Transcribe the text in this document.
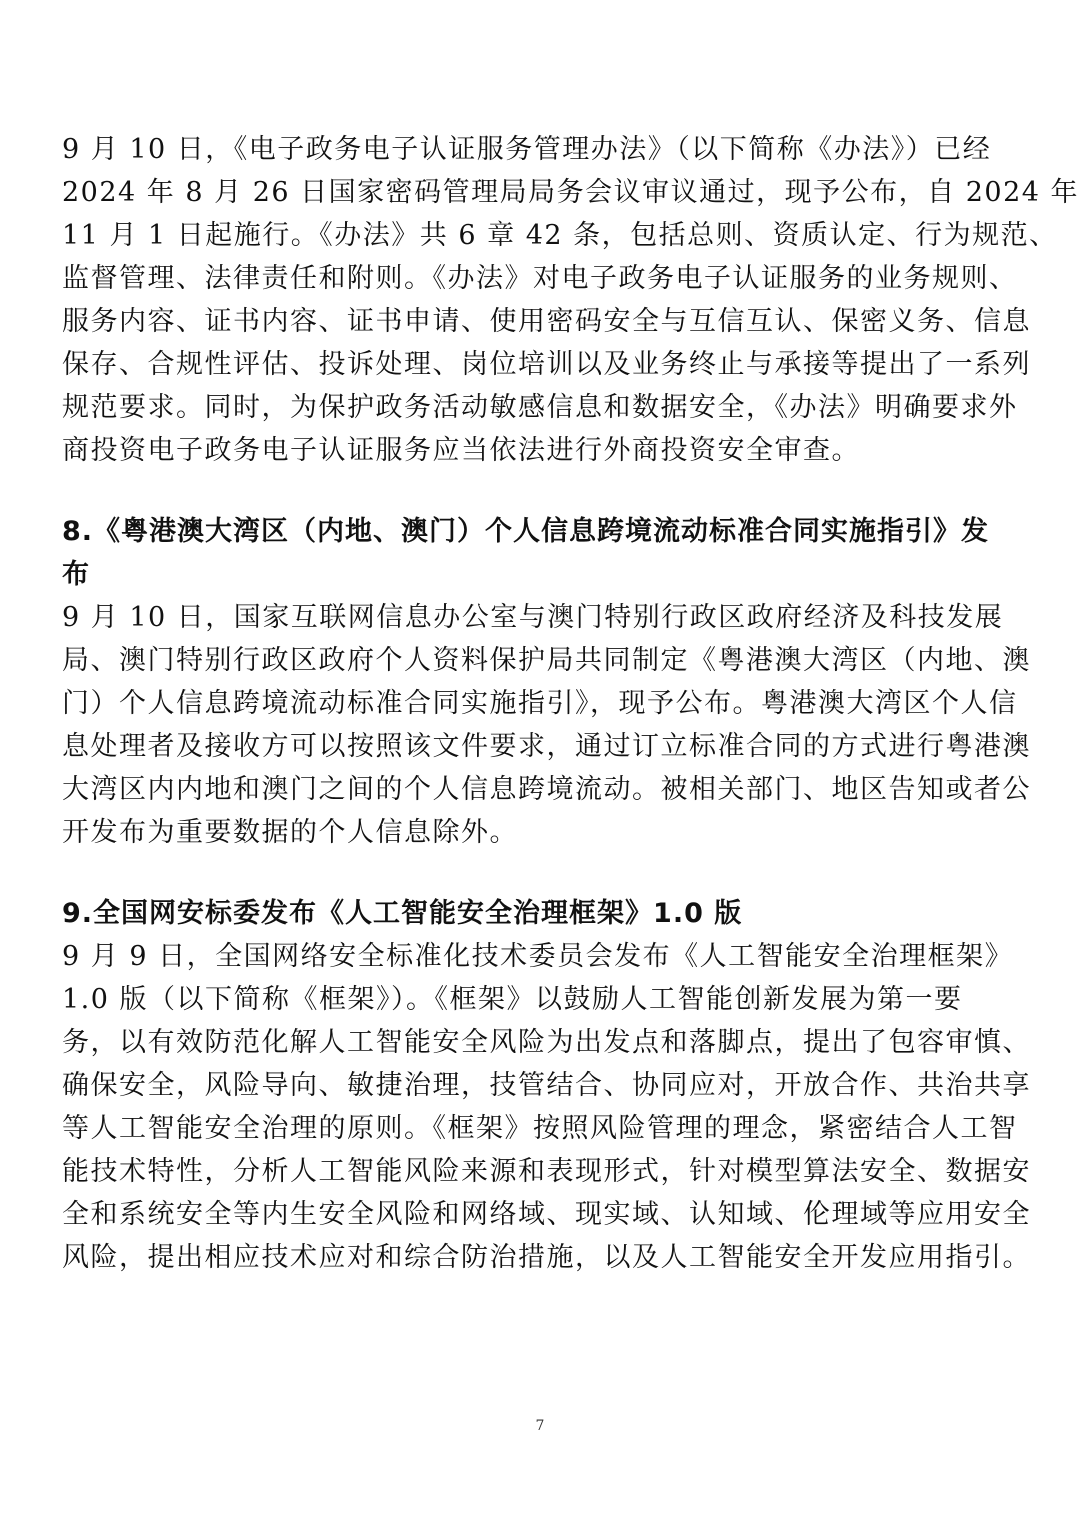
9 月 10 日，《电子政务电子认证服务管理办法》（以下简称《办法》）已经

2024 年 8 月 26 日国家密码管理局局务会议审议通过，现予公布，自 2024 年

11 月 1 日起施行。《办法》共 6 章 42 条，包括总则、资质认定、行为规范、

监督管理、法律责任和附则。《办法》对电子政务电子认证服务的业务规则、

服务内容、证书内容、证书申请、使用密码安全与互信互认、保密义务、信息

保存、合规性评估、投诉处理、岗位培训以及业务终止与承接等提出了一系列

规范要求。同时，为保护政务活动敏感信息和数据安全，《办法》明确要求外

商投资电子政务电子认证服务应当依法进行外商投资安全审查。

8.《粤港澳大湾区（内地、澳门）个人信息跨境流动标准合同实施指引》发

布

9 月 10 日，国家互联网信息办公室与澳门特别行政区政府经济及科技发展

局、澳门特别行政区政府个人资料保护局共同制定《粤港澳大湾区（内地、澳

门）个人信息跨境流动标准合同实施指引》，现予公布。粤港澳大湾区个人信

息处理者及接收方可以按照该文件要求，通过订立标准合同的方式进行粤港澳

大湾区内内地和澳门之间的个人信息跨境流动。被相关部门、地区告知或者公

开发布为重要数据的个人信息除外。

9.全国网安标委发布《人工智能安全治理框架》1.0 版

9 月 9 日，全国网络安全标准化技术委员会发布《人工智能安全治理框架》

1.0 版（以下简称《框架》）。《框架》以鼓励人工智能创新发展为第一要

务，以有效防范化解人工智能安全风险为出发点和落脚点，提出了包容审慎、

确保安全，风险导向、敏捷治理，技管结合、协同应对，开放合作、共治共享

等人工智能安全治理的原则。《框架》按照风险管理的理念，紧密结合人工智

能技术特性，分析人工智能风险来源和表现形式，针对模型算法安全、数据安

全和系统安全等内生安全风险和网络域、现实域、认知域、伦理域等应用安全

风险，提出相应技术应对和综合防治措施，以及人工智能安全开发应用指引。

7
